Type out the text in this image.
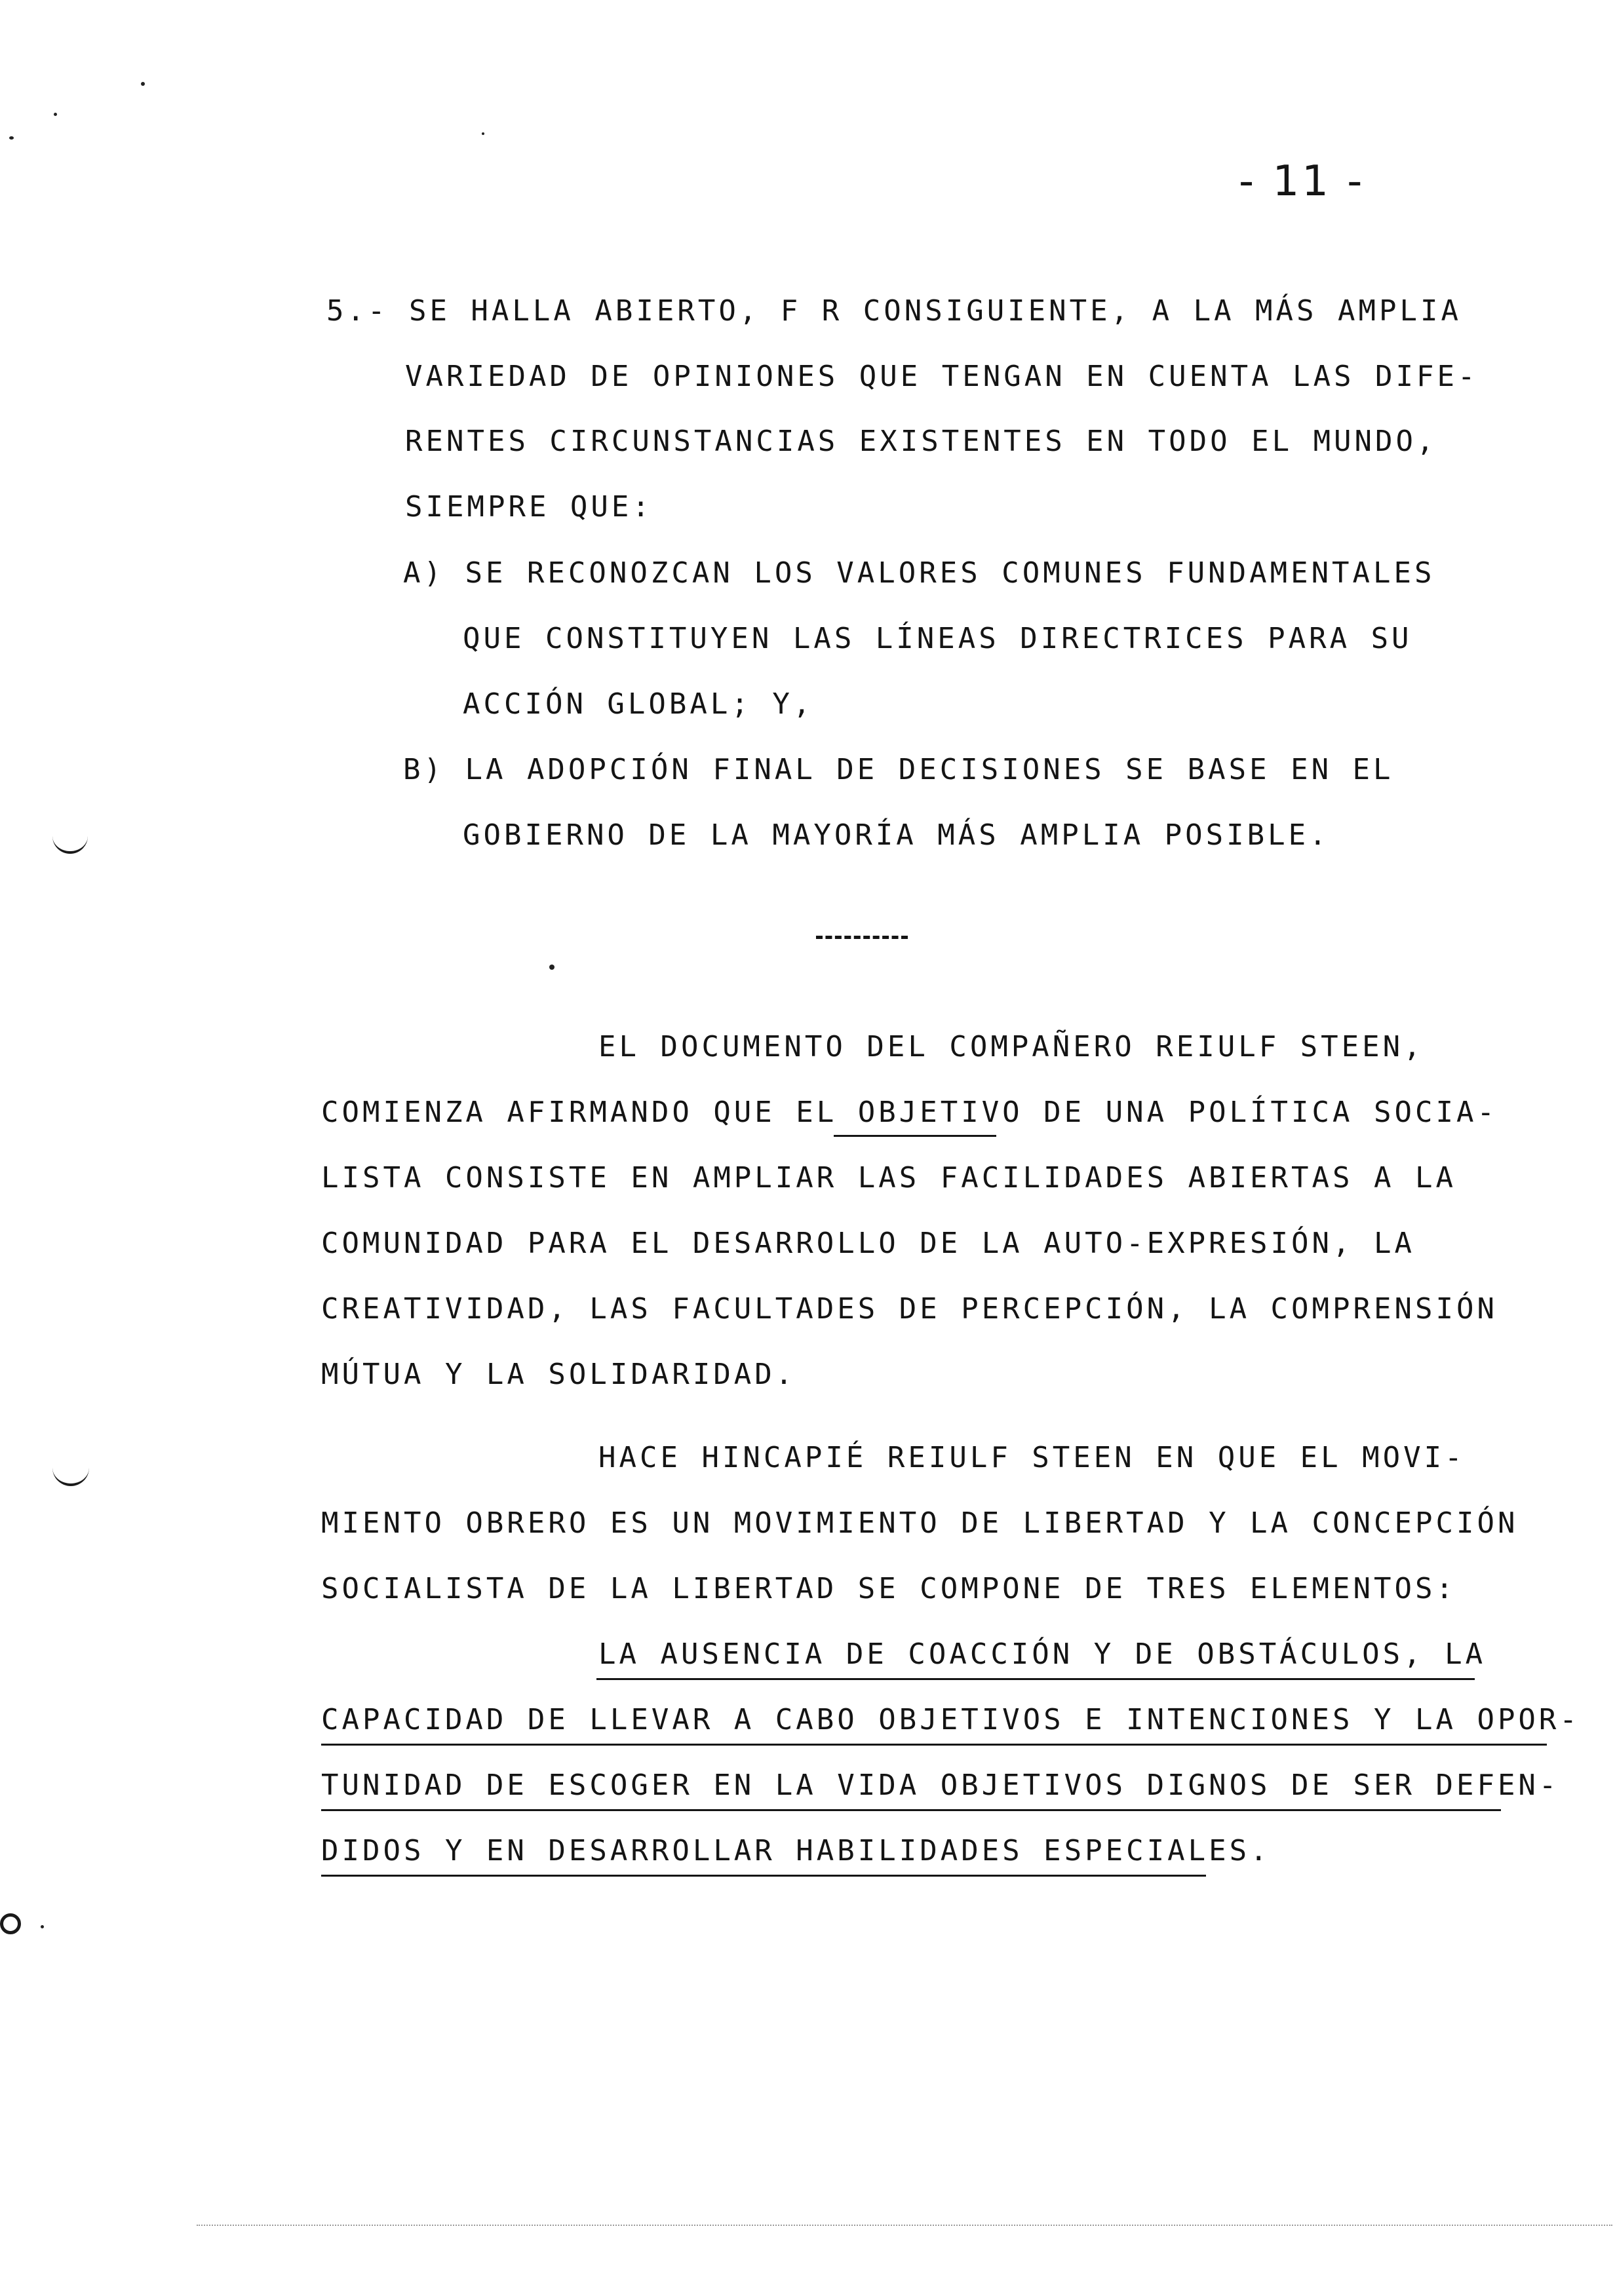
- 11 -
5.- SE HALLA ABIERTO, F R CONSIGUIENTE, A LA MÁS AMPLIA
VARIEDAD DE OPINIONES QUE TENGAN EN CUENTA LAS DIFE-
RENTES CIRCUNSTANCIAS EXISTENTES EN TODO EL MUNDO,
SIEMPRE QUE:
A) SE RECONOZCAN LOS VALORES COMUNES FUNDAMENTALES
QUE CONSTITUYEN LAS LÍNEAS DIRECTRICES PARA SU
ACCIÓN GLOBAL; Y,
B) LA ADOPCIÓN FINAL DE DECISIONES SE BASE EN EL
GOBIERNO DE LA MAYORÍA MÁS AMPLIA POSIBLE.
EL DOCUMENTO DEL COMPAÑERO REIULF STEEN,
COMIENZA AFIRMANDO QUE EL OBJETIVO DE UNA POLÍTICA SOCIA-
LISTA CONSISTE EN AMPLIAR LAS FACILIDADES ABIERTAS A LA
COMUNIDAD PARA EL DESARROLLO DE LA AUTO-EXPRESIÓN, LA
CREATIVIDAD, LAS FACULTADES DE PERCEPCIÓN, LA COMPRENSIÓN
MÚTUA Y LA SOLIDARIDAD.
HACE HINCAPIÉ REIULF STEEN EN QUE EL MOVI-
MIENTO OBRERO ES UN MOVIMIENTO DE LIBERTAD Y LA CONCEPCIÓN
SOCIALISTA DE LA LIBERTAD SE COMPONE DE TRES ELEMENTOS:
LA AUSENCIA DE COACCIÓN Y DE OBSTÁCULOS, LA
CAPACIDAD DE LLEVAR A CABO OBJETIVOS E INTENCIONES Y LA OPOR-
TUNIDAD DE ESCOGER EN LA VIDA OBJETIVOS DIGNOS DE SER DEFEN-
DIDOS Y EN DESARROLLAR HABILIDADES ESPECIALES.
